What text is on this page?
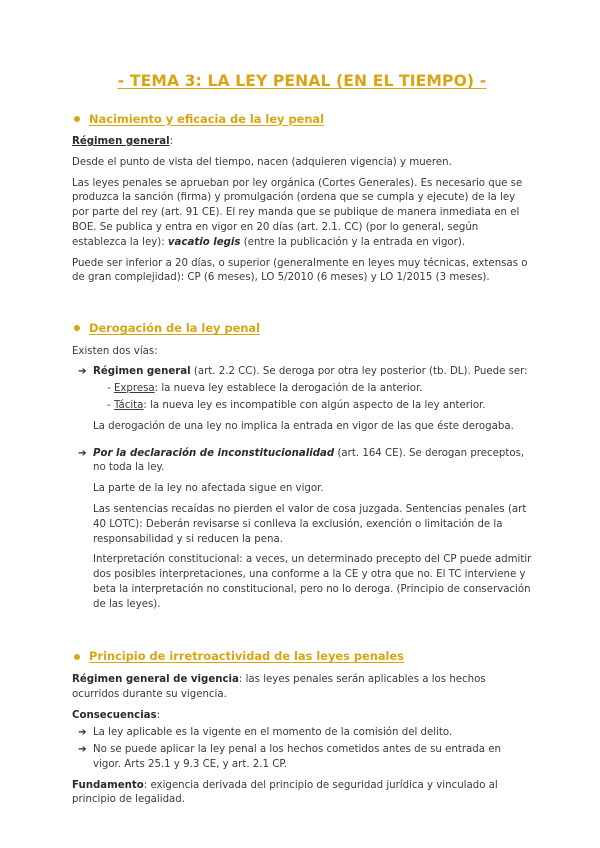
- TEMA 3: LA LEY PENAL (EN EL TIEMPO) -
Nacimiento y eficacia de la ley penal

Régimen general:

Desde el punto de vista del tiempo, nacen (adquieren vigencia) y mueren.

Las leyes penales se aprueban por ley orgánica (Cortes Generales). Es necesario que se produzca la sanción (firma) y promulgación (ordena que se cumpla y ejecute) de la ley por parte del rey (art. 91 CE). El rey manda que se publique de manera inmediata en el BOE. Se publica y entra en vigor en 20 días (art. 2.1. CC) (por lo general, según establezca la ley): vacatio legis (entre la publicación y la entrada en vigor).

Puede ser inferior a 20 días, o superior (generalmente en leyes muy técnicas, extensas o de gran complejidad): CP (6 meses), LO 5/2010 (6 meses) y LO 1/2015 (3 meses).

Derogación de la ley penal

Existen dos vías:

➔ Régimen general (art. 2.2 CC). Se deroga por otra ley posterior (tb. DL). Puede ser:

- Expresa: la nueva ley establece la derogación de la anterior.

- Tácita: la nueva ley es incompatible con algún aspecto de la ley anterior.

La derogación de una ley no implica la entrada en vigor de las que éste derogaba.

➔ Por la declaración de inconstitucionalidad (art. 164 CE). Se derogan preceptos, no toda la ley.

La parte de la ley no afectada sigue en vigor.

Las sentencias recaídas no pierden el valor de cosa juzgada. Sentencias penales (art 40 LOTC): Deberán revisarse si conlleva la exclusión, exención o limitación de la responsabilidad y si reducen la pena.

Interpretación constitucional: a veces, un determinado precepto del CP puede admitir dos posibles interpretaciones, una conforme a la CE y otra que no. El TC interviene y beta la interpretación no constitucional, pero no lo deroga. (Principio de conservación de las leyes).

Principio de irretroactividad de las leyes penales

Régimen general de vigencia: las leyes penales serán aplicables a los hechos ocurridos durante su vigencia.

Consecuencias:

➔ La ley aplicable es la vigente en el momento de la comisión del delito.

➔ No se puede aplicar la ley penal a los hechos cometidos antes de su entrada en vigor. Arts 25.1 y 9.3 CE, y art. 2.1 CP.

Fundamento: exigencia derivada del principio de seguridad jurídica y vinculado al principio de legalidad.
